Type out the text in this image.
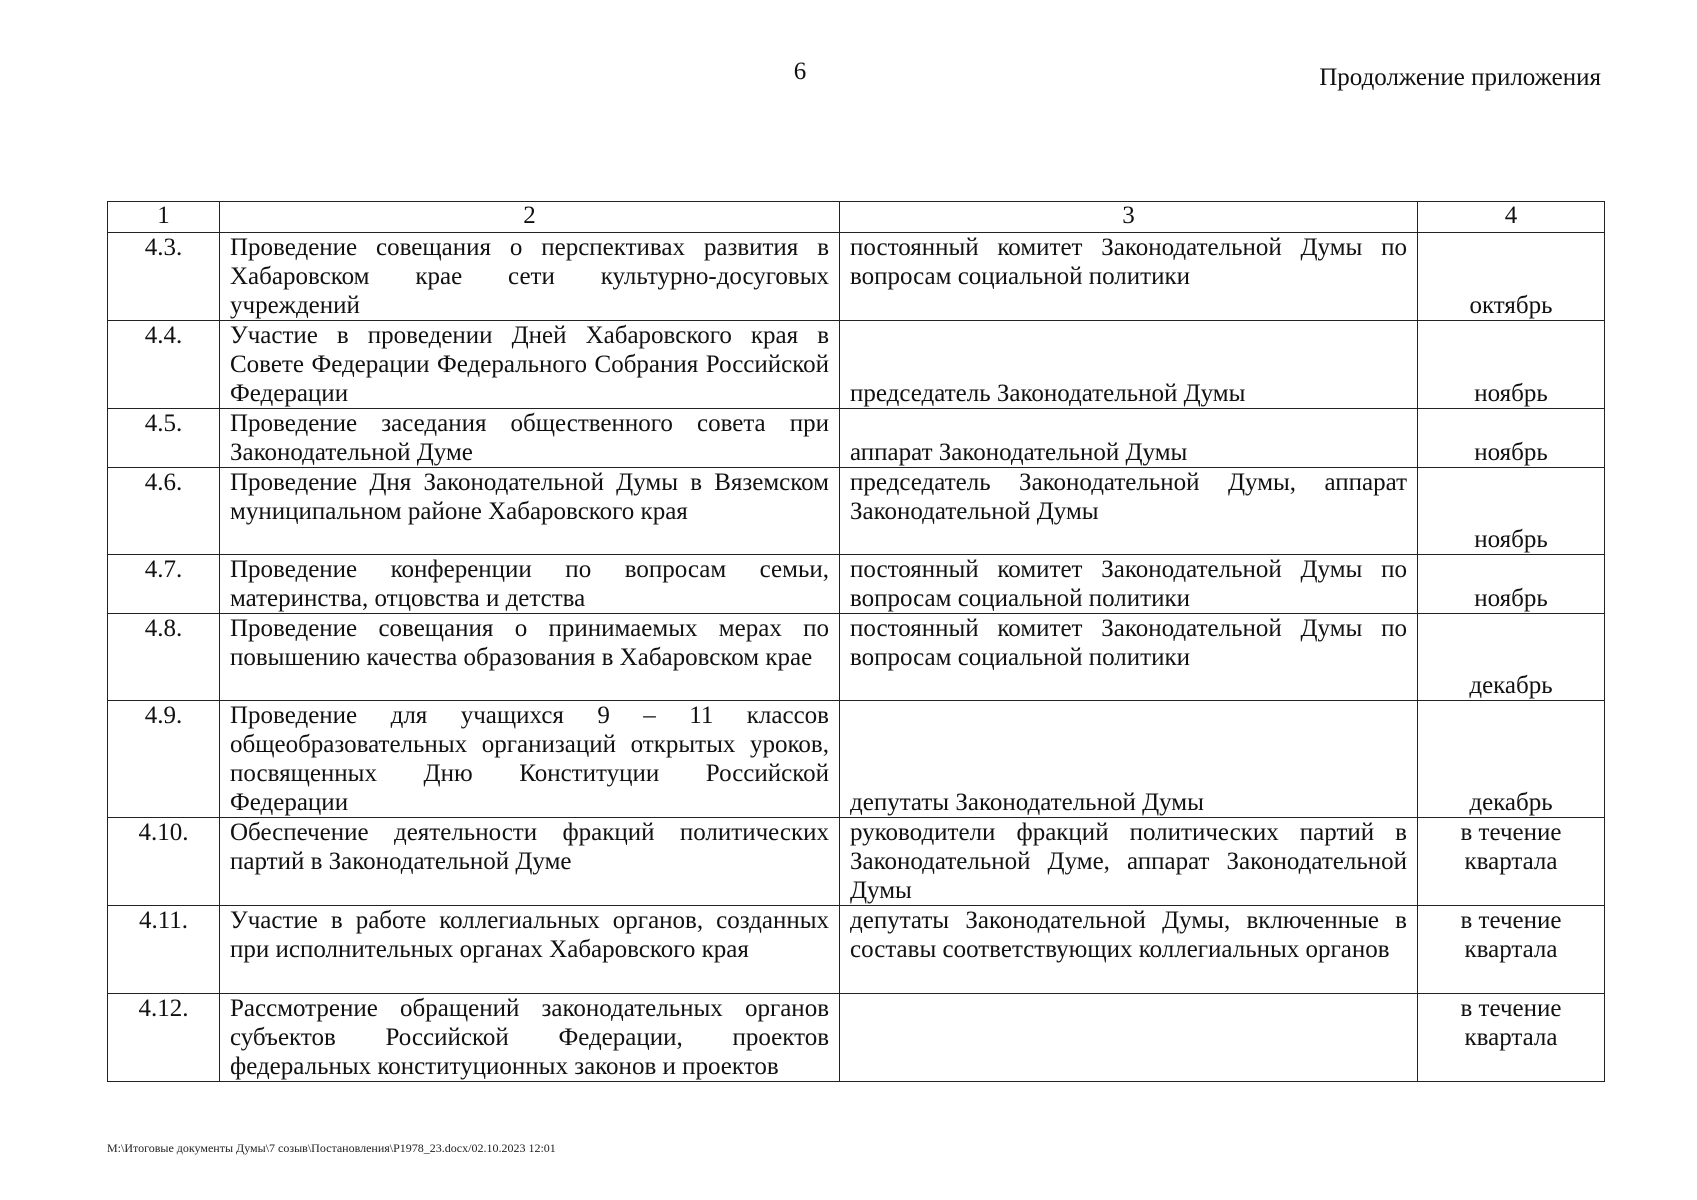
6	Продолжение приложения
1	2	3	4
4.3.	Проведение совещания о перспективах развития в Хабаровском крае сети культурно-досуговых учреждений	постоянный комитет Законодательной Думы по вопросам социальной политики	октябрь
4.4.	Участие в проведении Дней Хабаровского края в Совете Федерации Федерального Собрания Российской Федерации	председатель Законодательной Думы	ноябрь
4.5.	Проведение заседания общественного совета при Законодательной Думе	аппарат Законодательной Думы	ноябрь
4.6.	Проведение Дня Законодательной Думы в Вяземском муниципальном районе Хабаровского края	председатель Законодательной Думы, аппарат Законодательной Думы	ноябрь
4.7.	Проведение конференции по вопросам семьи, материнства, отцовства и детства	постоянный комитет Законодательной Думы по вопросам социальной политики	ноябрь
4.8.	Проведение совещания о принимаемых мерах по повышению качества образования в Хабаровском крае	постоянный комитет Законодательной Думы по вопросам социальной политики	декабрь
4.9.	Проведение для учащихся 9 – 11 классов общеобразовательных организаций открытых уроков, посвященных Дню Конституции Российской Федерации	депутаты Законодательной Думы	декабрь
4.10.	Обеспечение деятельности фракций политических партий в Законодательной Думе	руководители фракций политических партий в Законодательной Думе, аппарат Законодательной Думы	в течение квартала
4.11.	Участие в работе коллегиальных органов, созданных при исполнительных органах Хабаровского края	депутаты Законодательной Думы, включенные в составы соответствующих коллегиальных органов	в течение квартала
4.12.	Рассмотрение обращений законодательных органов субъектов Российской Федерации, проектов федеральных конституционных законов и проектов		в течение квартала
М:\Итоговые документы Думы\7 созыв\Постановления\Р1978_23.docx/02.10.2023 12:01
